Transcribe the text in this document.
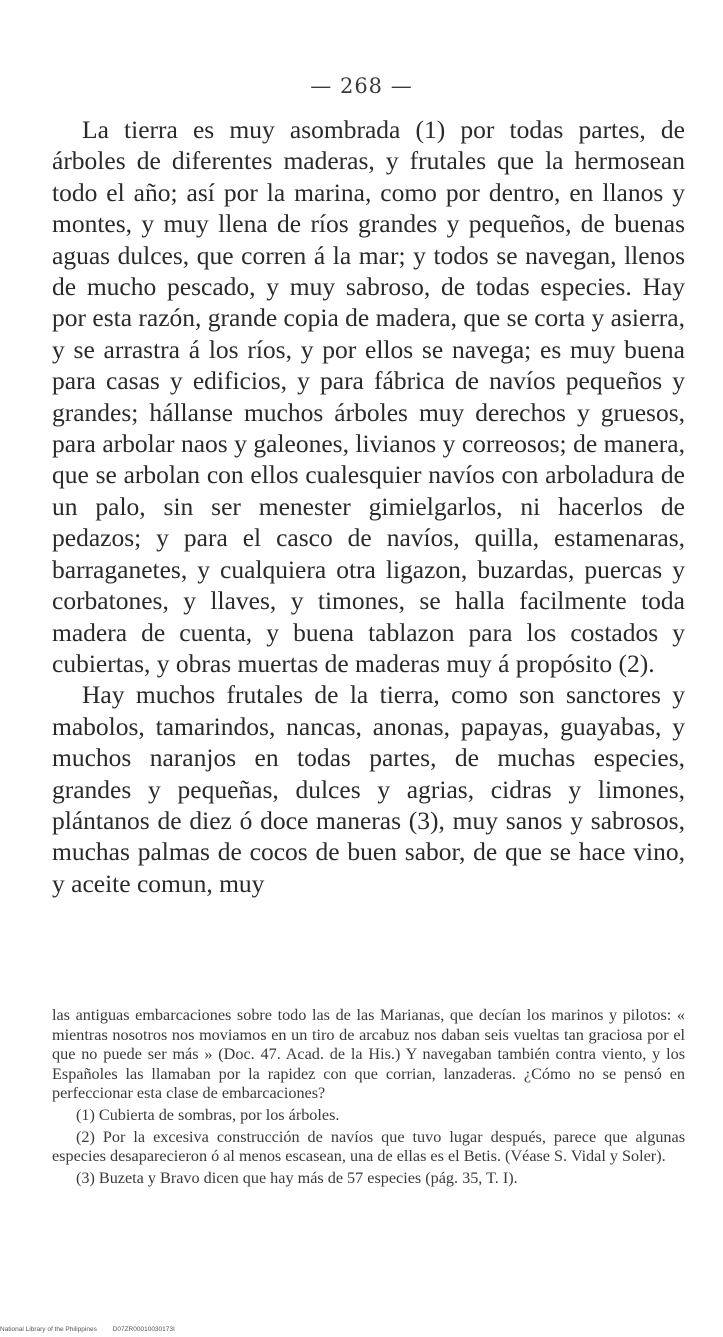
— 268 —

La tierra es muy asombrada (1) por todas partes, de árboles de diferentes maderas, y frutales que la hermosean todo el año; así por la marina, como por dentro, en llanos y montes, y muy llena de ríos grandes y pequeños, de buenas aguas dulces, que corren á la mar; y todos se navegan, llenos de mucho pescado, y muy sabroso, de todas especies. Hay por esta razón, grande copia de madera, que se corta y asierra, y se arrastra á los ríos, y por ellos se navega; es muy buena para casas y edificios, y para fábrica de navíos pequeños y grandes; hállanse muchos árboles muy derechos y gruesos, para arbolar naos y galeones, livianos y correosos; de manera, que se arbolan con ellos cualesquier navíos con arboladura de un palo, sin ser menester gimielgarlos, ni hacerlos de pedazos; y para el casco de navíos, quilla, estamenaras, barraganetes, y cualquiera otra ligazon, buzardas, puercas y corbatones, y llaves, y timones, se halla facilmente toda madera de cuenta, y buena tablazon para los costados y cubiertas, y obras muertas de maderas muy á propósito (2).

Hay muchos frutales de la tierra, como son sanctores y mabolos, tamarindos, nancas, anonas, papayas, guayabas, y muchos naranjos en todas partes, de muchas especies, grandes y pequeñas, dulces y agrias, cidras y limones, plántanos de diez ó doce maneras (3), muy sanos y sabrosos, muchas palmas de cocos de buen sabor, de que se hace vino, y aceite comun, muy

las antiguas embarcaciones sobre todo las de las Marianas, que decían los marinos y pilotos: « mientras nosotros nos moviamos en un tiro de arcabuz nos daban seis vueltas tan graciosa por el que no puede ser más » (Doc. 47. Acad. de la His.) Y navegaban también contra viento, y los Españoles las llamaban por la rapidez con que corrian, lanzaderas. ¿Cómo no se pensó en perfeccionar esta clase de embarcaciones?

(1) Cubierta de sombras, por los árboles.

(2) Por la excesiva construcción de navíos que tuvo lugar después, parece que algunas especies desaparecieron ó al menos escasean, una de ellas es el Betis. (Véase S. Vidal y Soler).

(3) Buzeta y Bravo dicen que hay más de 57 especies (pág. 35, T. I).

National Library of the Philippines D07ZR00010030173I
